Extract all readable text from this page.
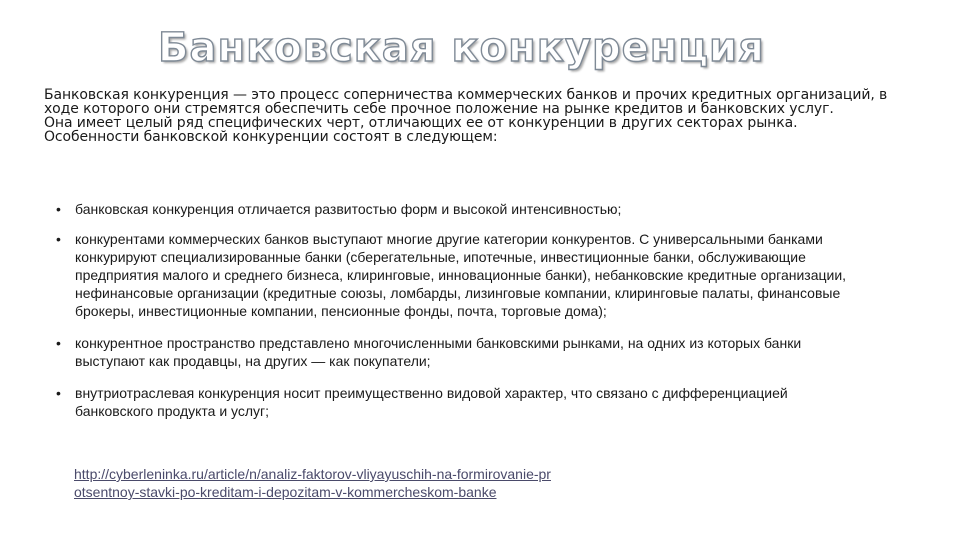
Банковская конкуренция

Банковская конкуренция — это процесс соперничества коммерческих банков и прочих кредитных организаций, в ходе которого они стремятся обеспечить себе прочное положение на рынке кредитов и банковских услуг.

Она имеет целый ряд специфических черт, отличающих ее от конкуренции в других секторах рынка.

Особенности банковской конкуренции состоят в следующем:

• банковская конкуренция отличается развитостью форм и высокой интенсивностью;
• конкурентами коммерческих банков выступают многие другие категории конкурентов. С универсальными банками конкурируют специализированные банки (сберегательные, ипотечные, инвестиционные банки, обслуживающие предприятия малого и среднего бизнеса, клиринговые, инновационные банки), небанковские кредитные организации, нефинансовые организации (кредитные союзы, ломбарды, лизинговые компании, клиринговые палаты, финансовые брокеры, инвестиционные компании, пенсионные фонды, почта, торговые дома);
• конкурентное пространство представлено многочисленными банковскими рынками, на одних из которых банки выступают как продавцы, на других — как покупатели;
• внутриотраслевая конкуренция носит преимущественно видовой характер, что связано с дифференциацией банковского продукта и услуг;
http://cyberleninka.ru/article/n/analiz-faktorov-vliyayuschih-na-formirovanie-protsentnoy-stavki-po-kreditam-i-depozitam-v-kommercheskom-banke
